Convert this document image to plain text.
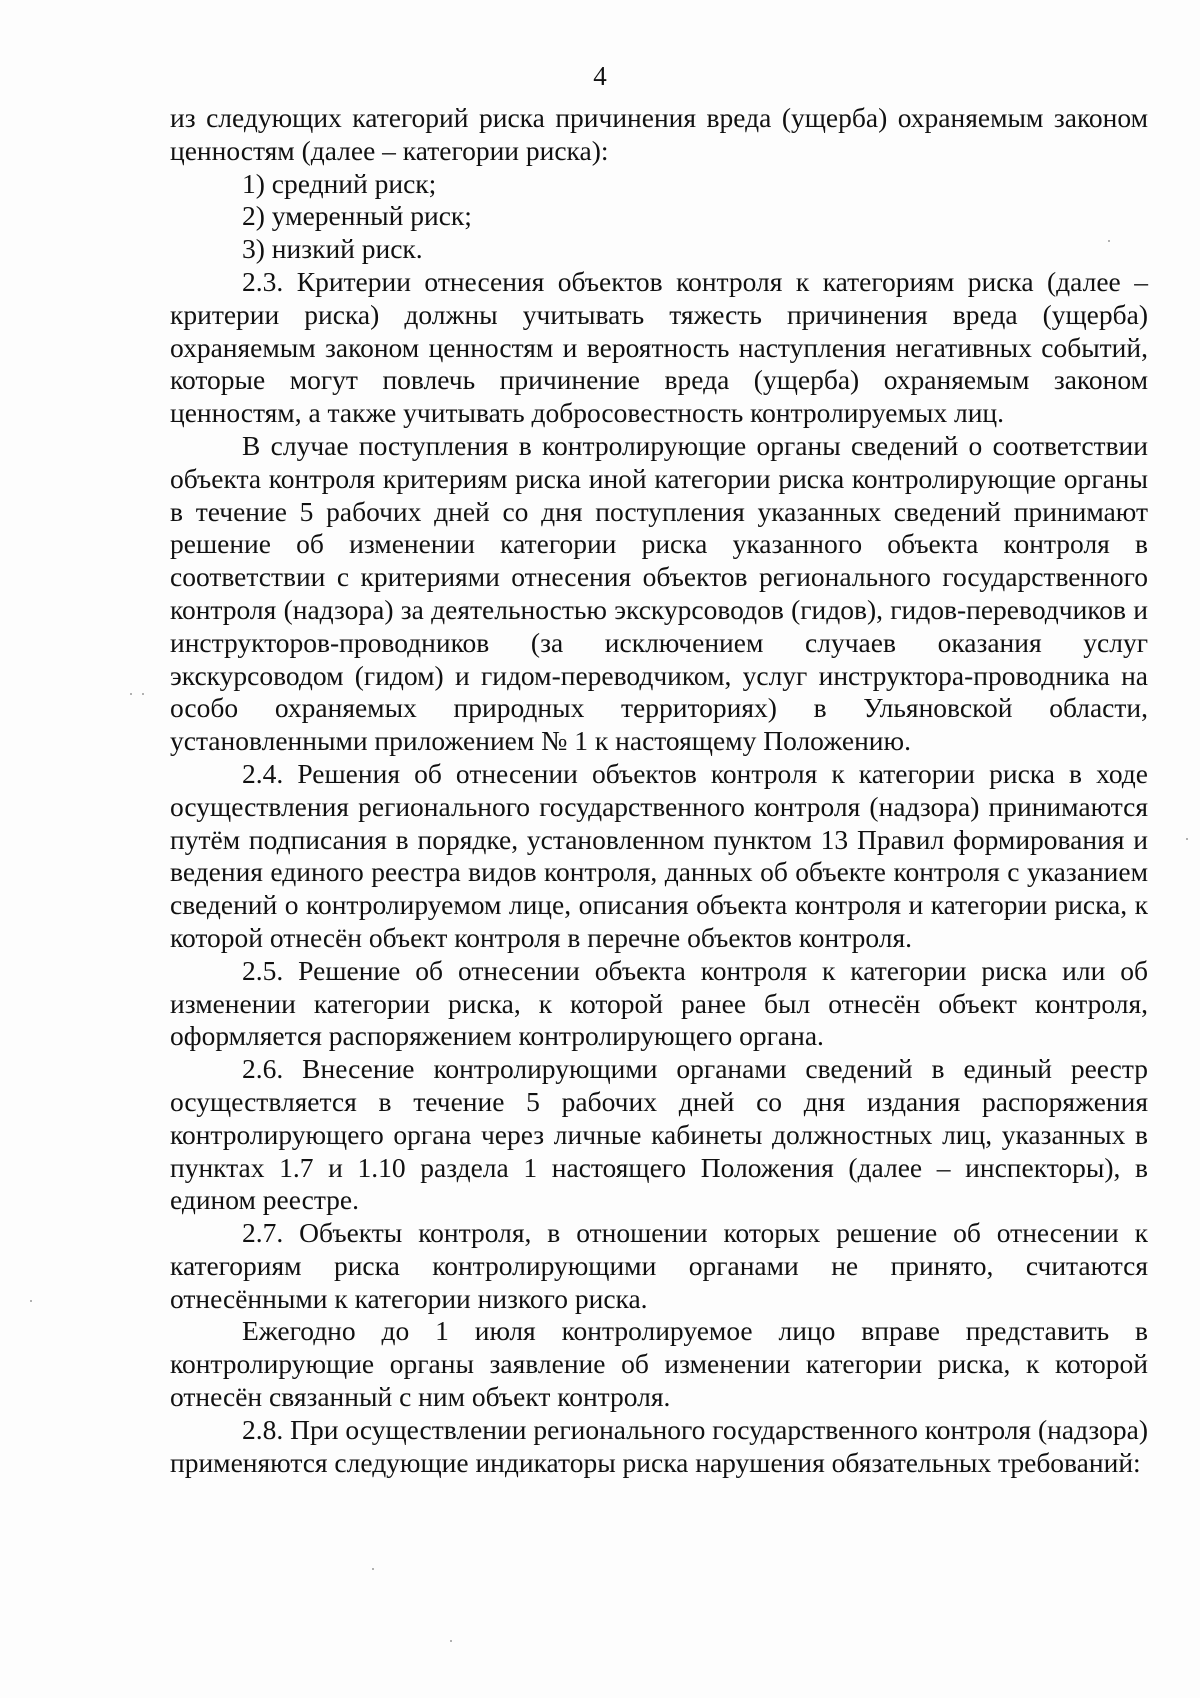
4

из следующих категорий риска причинения вреда (ущерба) охраняемым законом ценностям (далее – категории риска):

1) средний риск;

2) умеренный риск;

3) низкий риск.

2.3. Критерии отнесения объектов контроля к категориям риска (далее – критерии риска) должны учитывать тяжесть причинения вреда (ущерба) охраняемым законом ценностям и вероятность наступления негативных событий, которые могут повлечь причинение вреда (ущерба) охраняемым законом ценностям, а также учитывать добросовестность контролируемых лиц.

В случае поступления в контролирующие органы сведений о соответствии объекта контроля критериям риска иной категории риска контролирующие органы в течение 5 рабочих дней со дня поступления указанных сведений принимают решение об изменении категории риска указанного объекта контроля в соответствии с критериями отнесения объектов регионального государственного контроля (надзора) за деятельностью экскурсоводов (гидов), гидов-переводчиков и инструкторов-проводников (за исключением случаев оказания услуг экскурсоводом (гидом) и гидом-переводчиком, услуг инструктора-проводника на особо охраняемых природных территориях) в Ульяновской области, установленными приложением № 1 к настоящему Положению.

2.4. Решения об отнесении объектов контроля к категории риска в ходе осуществления регионального государственного контроля (надзора) принимаются путём подписания в порядке, установленном пунктом 13 Правил формирования и ведения единого реестра видов контроля, данных об объекте контроля с указанием сведений о контролируемом лице, описания объекта контроля и категории риска, к которой отнесён объект контроля в перечне объектов контроля.

2.5. Решение об отнесении объекта контроля к категории риска или об изменении категории риска, к которой ранее был отнесён объект контроля, оформляется распоряжением контролирующего органа.

2.6. Внесение контролирующими органами сведений в единый реестр осуществляется в течение 5 рабочих дней со дня издания распоряжения контролирующего органа через личные кабинеты должностных лиц, указанных в пунктах 1.7 и 1.10 раздела 1 настоящего Положения (далее – инспекторы), в едином реестре.

2.7. Объекты контроля, в отношении которых решение об отнесении к категориям риска контролирующими органами не принято, считаются отнесёнными к категории низкого риска.

Ежегодно до 1 июля контролируемое лицо вправе представить в контролирующие органы заявление об изменении категории риска, к которой отнесён связанный с ним объект контроля.

2.8. При осуществлении регионального государственного контроля (надзора) применяются следующие индикаторы риска нарушения обязательных требований:
